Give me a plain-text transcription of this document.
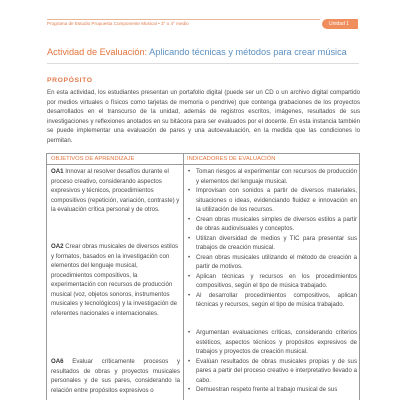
Programa de Estudio Propuesta Componente Musical • 3° o 4° medio	Unidad 1
Actividad de Evaluación: Aplicando técnicas y métodos para crear música
PROPÓSITO

En esta actividad, los estudiantes presentan un portafolio digital (puede ser un CD o un archivo digital compartido por medios virtuales o físicos como tarjetas de memoria o pendrive) que contenga grabaciones de los proyectos desarrollados en el transcurso de la unidad, además de registros escritos, imágenes, resultados de sus investigaciones y reflexiones anotados en su bitácora para ser evaluados por el docente. En esta instancia también se puede implementar una evaluación de pares y una autoevaluación, en la medida que las condiciones lo permitan.

OBJETIVOS DE APRENDIZAJE	INDICADORES DE EVALUACIÓN
OA1 Innovar al resolver desafíos durante el proceso creativo, considerando aspectos expresivos y técnicos, procedimientos compositivos (repetición, variación, contraste) y la evaluación crítica personal y de otros.
OA2 Crear obras musicales de diversos estilos y formatos, basados en la investigación con elementos del lenguaje musical, procedimientos compositivos, la experimentación con recursos de producción musical (voz, objetos sonoros, instrumentos musicales y tecnológicos) y la investigación de referentes nacionales e internacionales.
OA6 Evaluar críticamente procesos y resultados de obras y proyectos musicales personales y de sus pares, considerando la relación entre propósitos expresivos o
• Toman riesgos al experimentar con recursos de producción y elementos del lenguaje musical.
• Improvisan con sonidos a partir de diversos materiales, situaciones o ideas, evidenciando fluidez e innovación en la utilización de los recursos.
• Crean obras musicales simples de diversos estilos a partir de obras audiovisuales y conceptos.
• Utilizan diversidad de medios y TIC para presentar sus trabajos de creación musical.
• Crean obras musicales utilizando el método de creación a partir de motivos.
• Aplican técnicas y recursos en los procedimientos compositivos, según el tipo de música trabajado.
• Al desarrollar procedimientos compositivos, aplican técnicas y recursos, según el tipo de música trabajado.
• Argumentan evaluaciones críticas, considerando criterios estéticos, aspectos técnicos y propósitos expresivos de trabajos y proyectos de creación musical.
• Evalúan resultados de obras musicales propias y de sus pares a partir del proceso creativo e interpretativo llevado a cabo.
• Demuestran respeto frente al trabajo musical de sus
